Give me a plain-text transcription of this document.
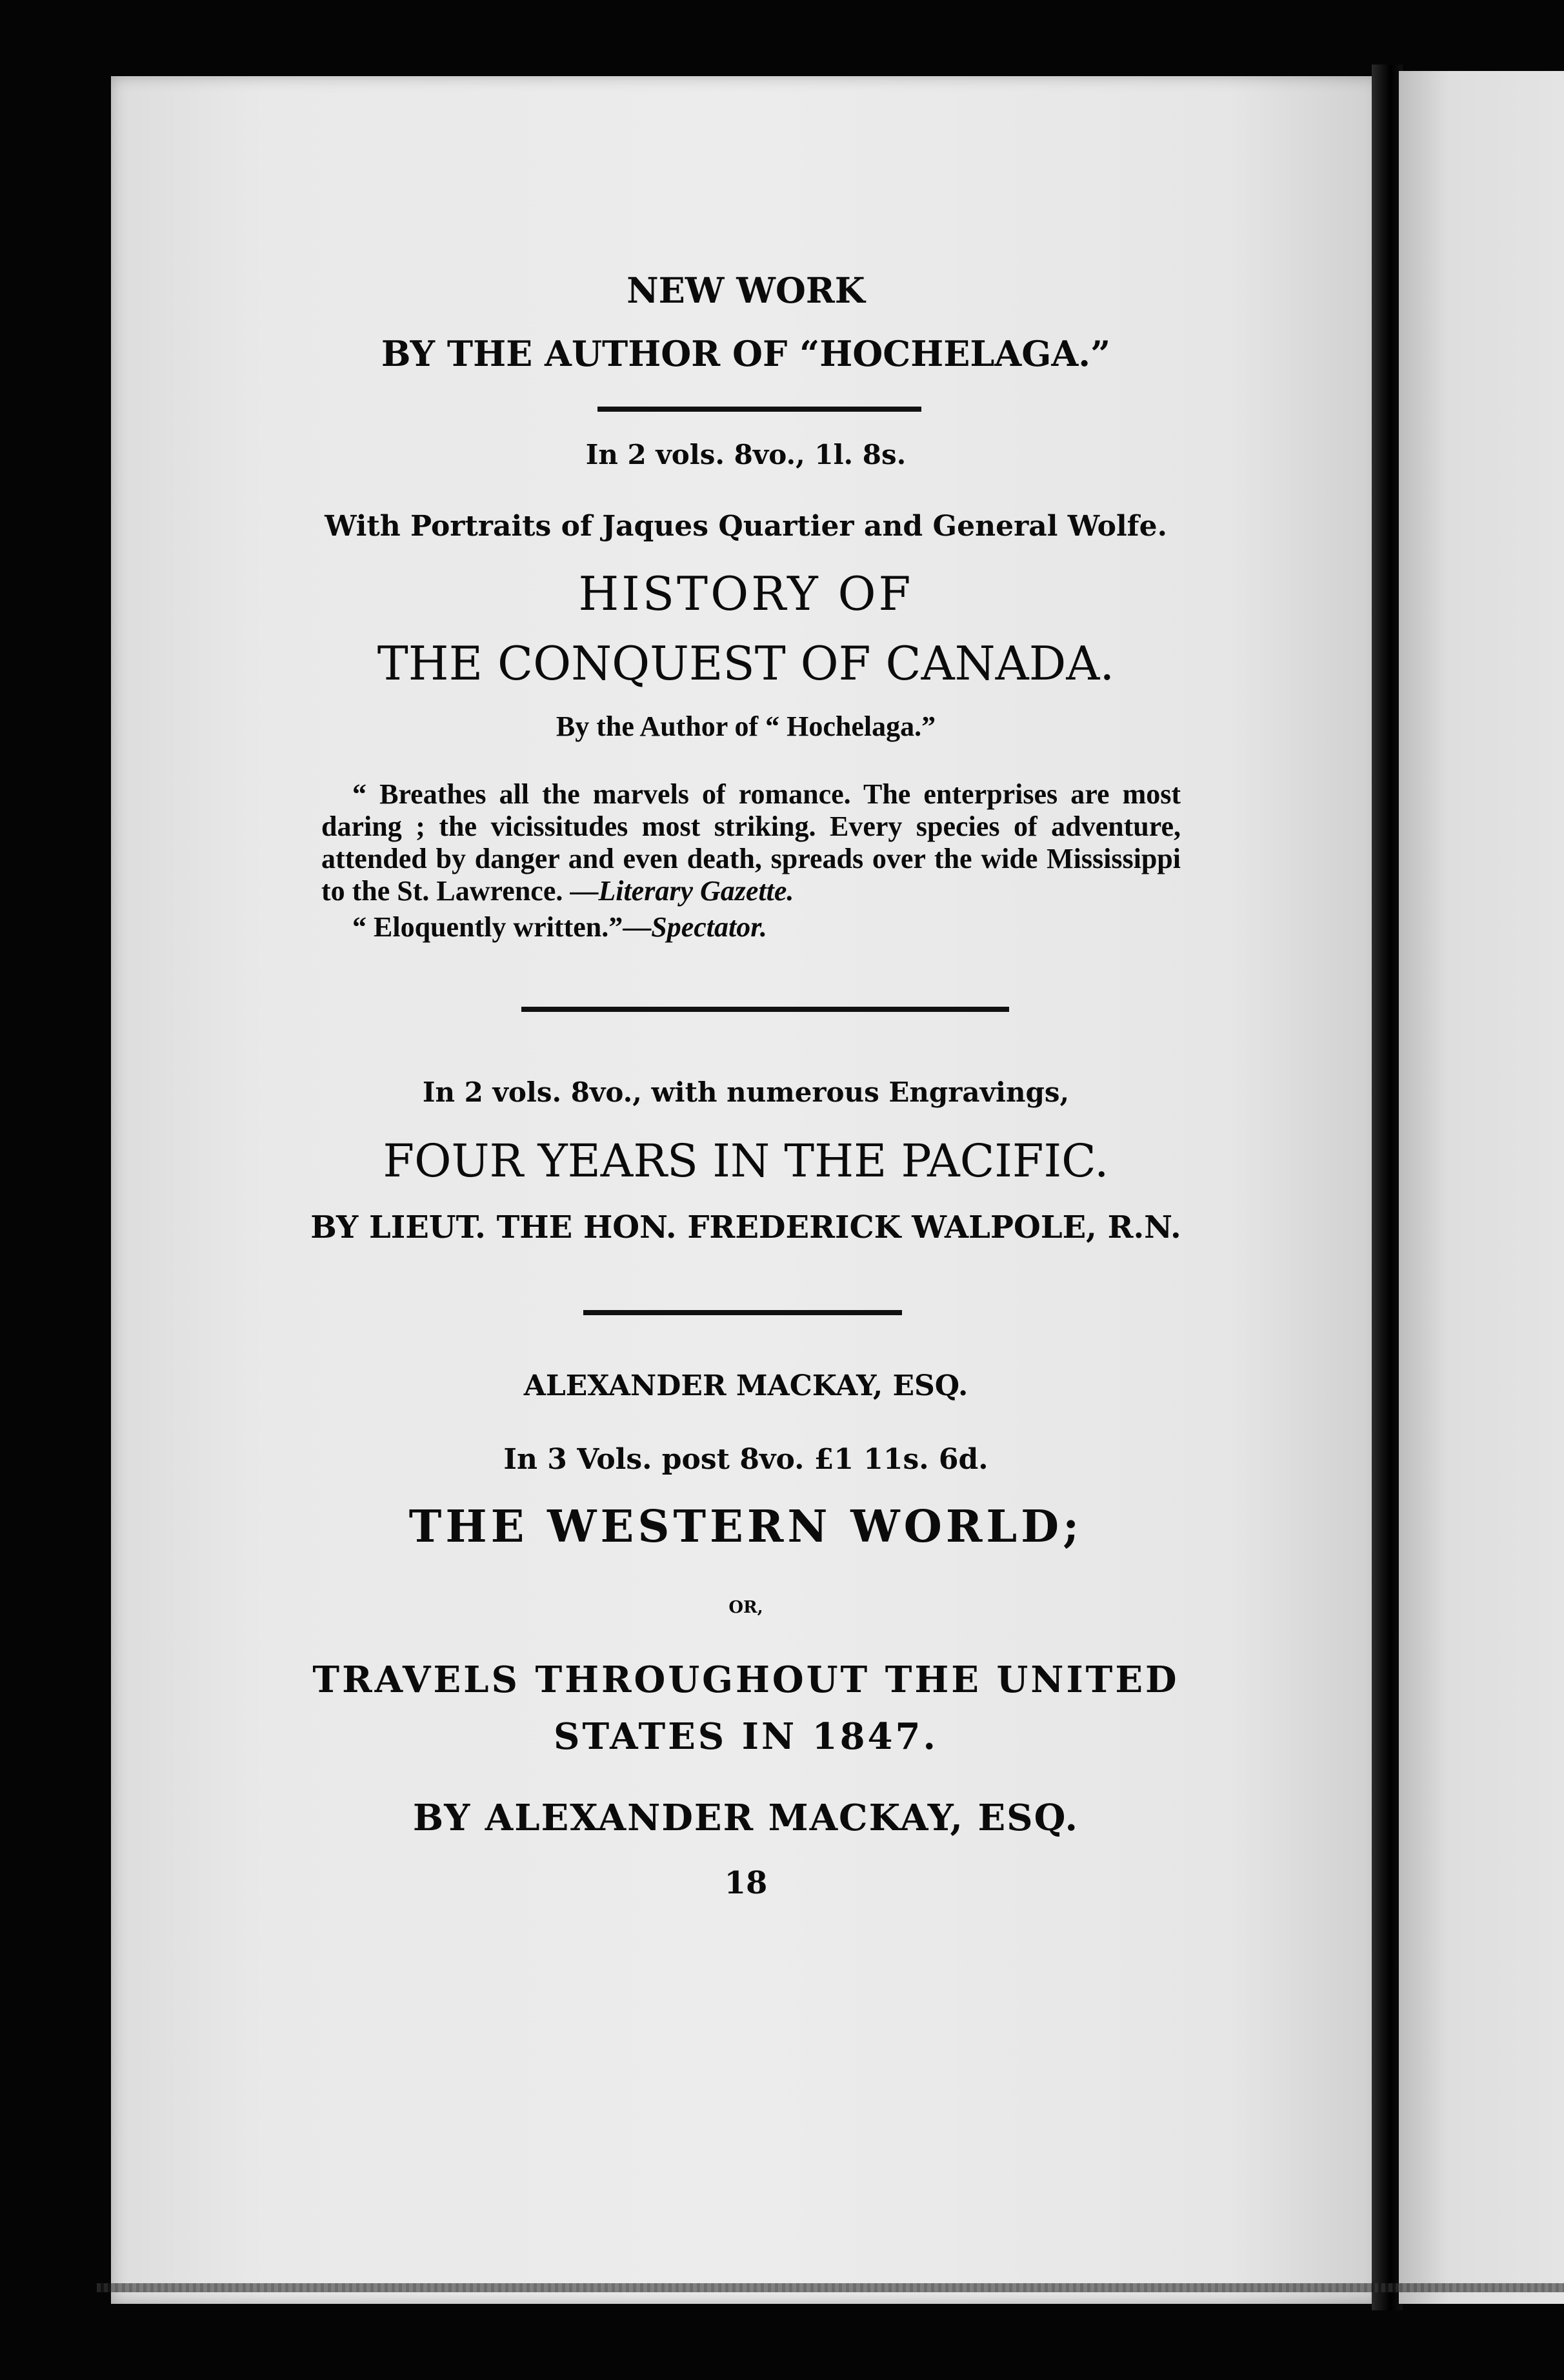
NEW WORK
BY THE AUTHOR OF “HOCHELAGA.”
In 2 vols. 8vo., 1l. 8s.
With Portraits of Jaques Quartier and General Wolfe.
HISTORY OF
THE CONQUEST OF CANADA.
By the Author of “ Hochelaga.”

“ Breathes all the marvels of romance. The enterprises are most daring ; the vicissitudes most striking. Every species of adventure, attended by danger and even death, spreads over the wide Mississippi to the St. Lawrence. —Literary Gazette.

“ Eloquently written.”—Spectator.

In 2 vols. 8vo., with numerous Engravings,
FOUR YEARS IN THE PACIFIC.
BY LIEUT. THE HON. FREDERICK WALPOLE, R.N.
ALEXANDER MACKAY, ESQ.
In 3 Vols. post 8vo. £1 11s. 6d.
THE WESTERN WORLD;
OR,
TRAVELS THROUGHOUT THE UNITED
STATES IN 1847.
BY ALEXANDER MACKAY, ESQ.
18
